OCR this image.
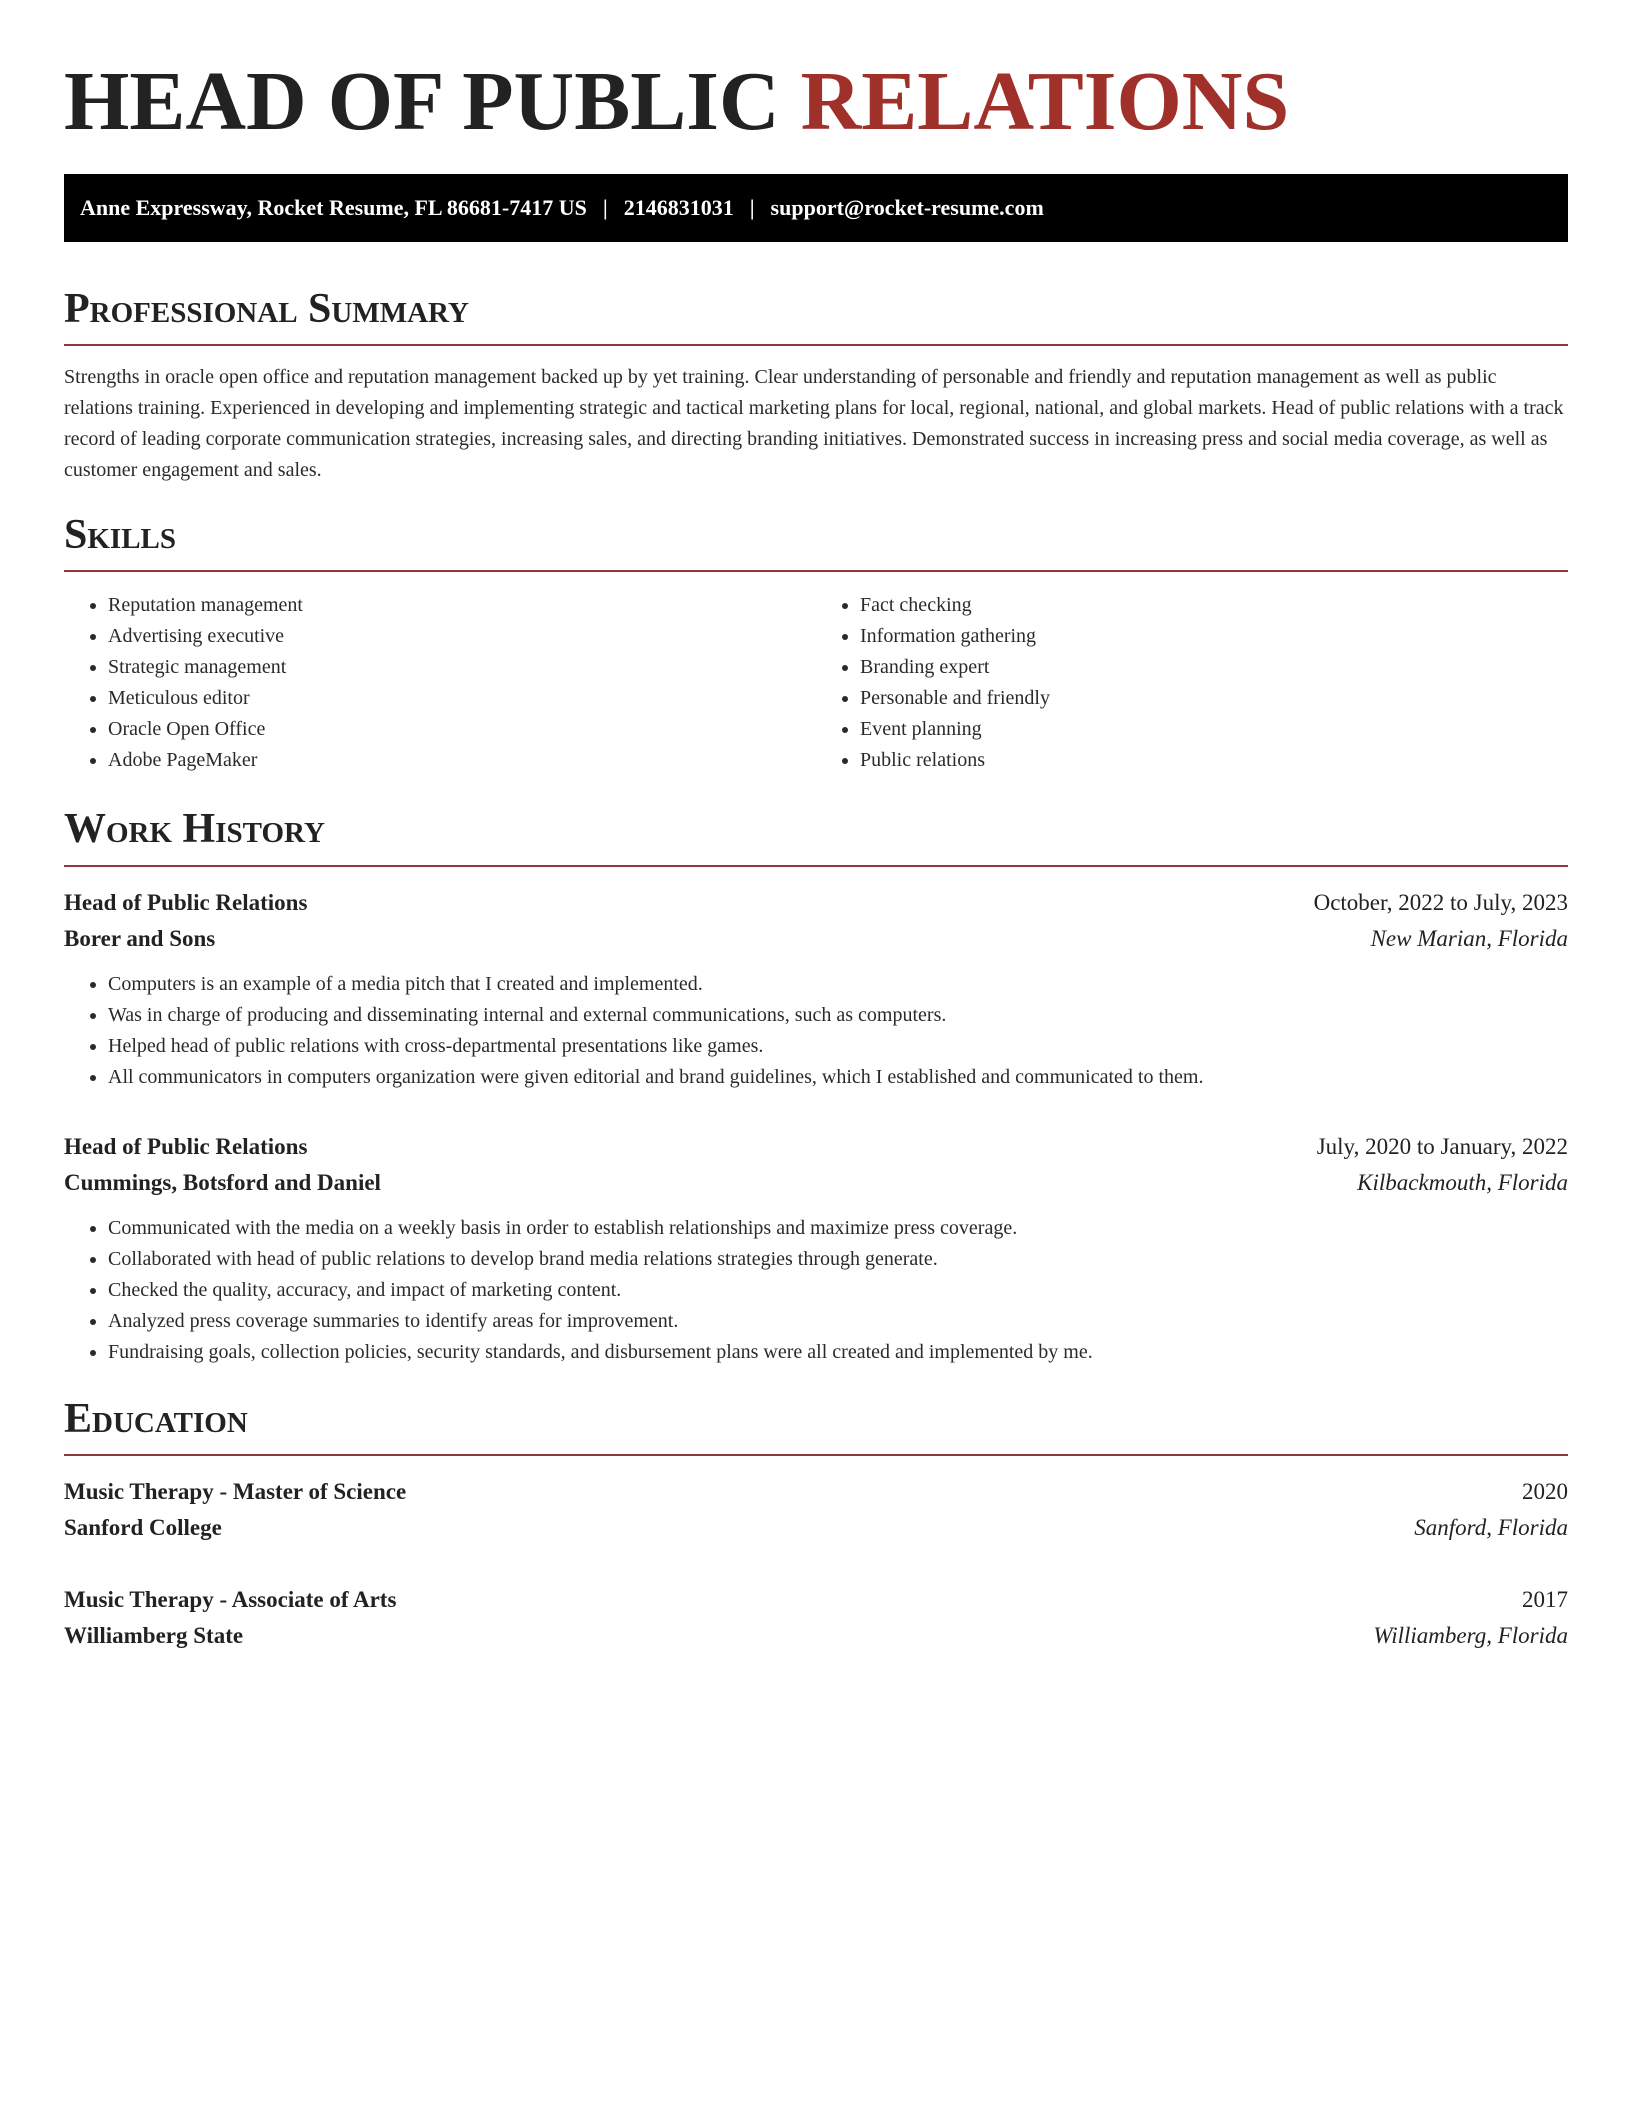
HEAD OF PUBLIC RELATIONS
Anne Expressway, Rocket Resume, FL 86681-7417 US | 2146831031 | support@rocket-resume.com
Professional Summary

Strengths in oracle open office and reputation management backed up by yet training. Clear understanding of personable and friendly and reputation management as well as public relations training. Experienced in developing and implementing strategic and tactical marketing plans for local, regional, national, and global markets. Head of public relations with a track record of leading corporate communication strategies, increasing sales, and directing branding initiatives. Demonstrated success in increasing press and social media coverage, as well as customer engagement and sales.

Skills
• Reputation management
• Advertising executive
• Strategic management
• Meticulous editor
• Oracle Open Office
• Adobe PageMaker
• Fact checking
• Information gathering
• Branding expert
• Personable and friendly
• Event planning
• Public relations
Work History
Head of Public Relations	October, 2022 to July, 2023
Borer and Sons	New Marian, Florida
• Computers is an example of a media pitch that I created and implemented.
• Was in charge of producing and disseminating internal and external communications, such as computers.
• Helped head of public relations with cross-departmental presentations like games.
• All communicators in computers organization were given editorial and brand guidelines, which I established and communicated to them.
Head of Public Relations	July, 2020 to January, 2022
Cummings, Botsford and Daniel	Kilbackmouth, Florida
• Communicated with the media on a weekly basis in order to establish relationships and maximize press coverage.
• Collaborated with head of public relations to develop brand media relations strategies through generate.
• Checked the quality, accuracy, and impact of marketing content.
• Analyzed press coverage summaries to identify areas for improvement.
• Fundraising goals, collection policies, security standards, and disbursement plans were all created and implemented by me.
Education
Music Therapy - Master of Science	2020
Sanford College	Sanford, Florida
Music Therapy - Associate of Arts	2017
Williamberg State	Williamberg, Florida
